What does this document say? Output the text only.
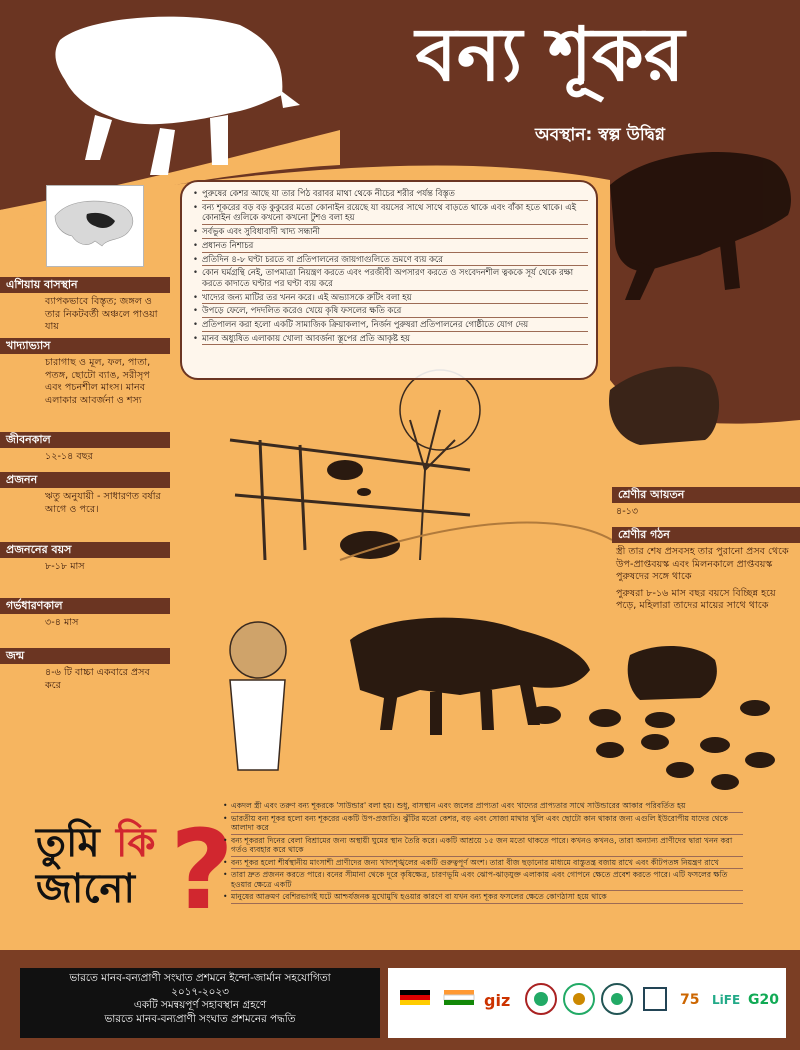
বন্য শূকর
অবস্থান: স্বল্প উদ্বিগ্ন
• পুরুষের কেশর আছে যা তার পিঠ বরাবর মাথা থেকে নীচের শরীর পর্যন্ত বিস্তৃত
• বন্য শূকরের বড় বড় কুকুরের মতো কোনাইন রয়েছে যা বয়সের সাথে সাথে বাড়তে থাকে এবং বাঁকা হতে থাকে। এই কোনাইন গুলিকে কখনো কখনো টুশও বলা হয়
• সর্বভুক এবং সুবিধাবাদী খাদ্য সন্ধানী
• প্রধানত নিশাচর
• প্রতিদিন ৪-৮ ঘণ্টা চরতে বা প্রতিপালনের জায়গাগুলিতে ভ্রমণে ব্যয় করে
• কোন ঘর্মগ্রন্থি নেই, তাপমাত্রা নিয়ন্ত্রণ করতে এবং পরজীবী অপসারণ করতে ও সংবেদনশীল ত্বককে সূর্য থেকে রক্ষা করতে কাদাতে ঘণ্টার পর ঘণ্টা ব্যয় করে
• খাদ্যের জন্য মাটির তর খনন করে। এই অভ্যাসকে রুটিং বলা হয়
• উপড়ে ফেলে, পদদলিত করেও খেয়ে কৃষি ফসলের ক্ষতি করে
• প্রতিপালন করা হলো একটি সামাজিক ক্রিয়াকলাপ, নির্জন পুরুষরা প্রতিপালনের গোষ্ঠীতে যোগ দেয়
• মানব অধ্যুষিত এলাকায় খোলা আবর্জনা স্তূপের প্রতি আকৃষ্ট হয়
এশিয়ায় বাসস্থান
ব্যাপকভাবে বিস্তৃত; জঙ্গল ও তার নিকটবর্তী অঞ্চলে পাওয়া যায়
খাদ্যাভ্যাস
চারাগাছ ও মূল, ফল, পাতা, পতঙ্গ, ছোটো ব্যাঙ, সরীসৃপ এবং পচনশীল মাংস। মানব এলাকার আবর্জনা ও শস্য
জীবনকাল
১২-১৪ বছর
প্রজনন
ঋতু অনুযায়ী - সাধারণত বর্ষার আগে ও পরে।
প্রজননের বয়স
৮-১৮ মাস
গর্ভধারণকাল
৩-৪ মাস
জন্ম
৪-৬ টি বাচ্চা একবারে প্রসব করে
শ্রেণীর আয়তন
৪-১৩
শ্রেণীর গঠন
স্ত্রী তার শেষ প্রসবসহ তার পুরানো প্রসব থেকে উপ-প্রাপ্তবয়স্ক এবং মিলনকালে প্রাপ্তবয়স্ক পুরুষদের সঙ্গে থাকে
পুরুষরা ৮-১৬ মাস বছর বয়সে বিচ্ছিন্ন হয়ে পড়ে, মহিলারা তাদের মায়ের সাথে থাকে
তুমি কি
জানো ?
• একদল স্ত্রী এবং তরুণ বন্য শূকরকে 'সাউন্ডার' বলা হয়। শুধু, বাসস্থান এবং জলের প্রাপ্যতা এবং খাদ্যের প্রাপ্যতার সাথে সাউন্ডারের আকার পরিবর্তিত হয়
• ভারতীয় বন্য শূকর হলো বন্য শূকরের একটি উপ-প্রজাতি। ঝুঁটির মতো কেশর, বড় এবং সোজা মাথার খুলি এবং ছোটো কান থাকার জন্য এগুলি ইউরোপীয় যাদের থেকে আলাদা করে
• বন্য শূকররা দিনের বেলা বিশ্রামের জন্য অস্থায়ী ঘুমের স্থান তৈরি করে। একটি আশ্রয়ে ১৫ জন মতো থাকতে পারে। কখনও কখনও, তারা অন্যান্য প্রাণীদের দ্বারা খনন করা গর্তও ব্যবহার করে থাকে
• বন্য শূকর হলো শীর্ষস্থানীয় মাংসাশী প্রাণীদের জন্য খাদ্যশৃঙ্খলের একটি গুরুত্বপূর্ণ অংশ। তারা বীজ ছড়ানোর মাধ্যমে বাস্তুতন্ত্র বজায় রাখে এবং কীটপতঙ্গ নিয়ন্ত্রণ রাখে
• তারা দ্রুত প্রজনন করতে পারে। বনের সীমানা থেকে দূরে কৃষিক্ষেত্র, চারণভূমি এবং ঝোপ-ঝাড়যুক্ত এলাকায় এবং গোপনে ক্ষেতে প্রবেশ করতে পারে। এটি ফসলের ক্ষতি হওয়ার ক্ষেত্রে একটি
• মানুষের আক্রমণ বেশিরভাগই ঘটে আশ্চর্যজনক মুখোমুখি হওয়ার কারণে বা যখন বন্য শূকর ফসলের ক্ষেতে কোণঠাসা হয়ে থাকে
ভারতে মানব-বন্যপ্রাণী সংঘাত প্রশমনে ইন্দো-জার্মান সহযোগিতা
২০১৭-২০২৩
একটি সমন্বয়পূর্ণ সহাবস্থান গ্রহণে
ভারতে মানব-বন্যপ্রাণী সংঘাত প্রশমনের পদ্ধতি
giz	75 LiFE G20
